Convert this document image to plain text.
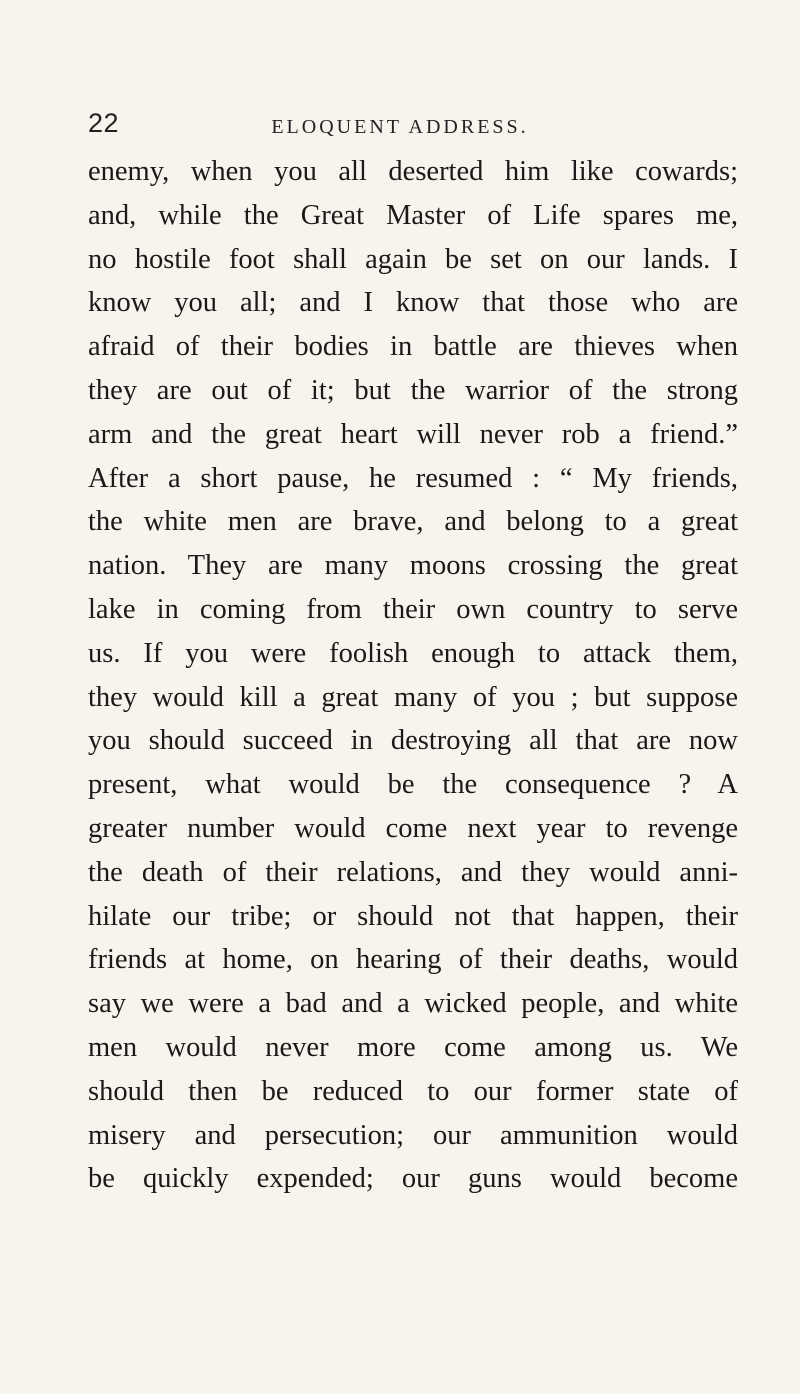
22	ELOQUENT ADDRESS.
enemy, when you all deserted him like cowards;
and, while the Great Master of Life spares me,
no hostile foot shall again be set on our lands. I
know you all; and I know that those who are
afraid of their bodies in battle are thieves when
they are out of it; but the warrior of the strong
arm and the great heart will never rob a friend.”
After a short pause, he resumed : “ My friends,
the white men are brave, and belong to a great
nation. They are many moons crossing the great
lake in coming from their own country to serve
us. If you were foolish enough to attack them,
they would kill a great many of you ; but suppose
you should succeed in destroying all that are now
present, what would be the consequence ? A
greater number would come next year to revenge
the death of their relations, and they would anni-
hilate our tribe; or should not that happen, their
friends at home, on hearing of their deaths, would
say we were a bad and a wicked people, and white
men would never more come among us. We
should then be reduced to our former state of
misery and persecution; our ammunition would
be quickly expended; our guns would become
